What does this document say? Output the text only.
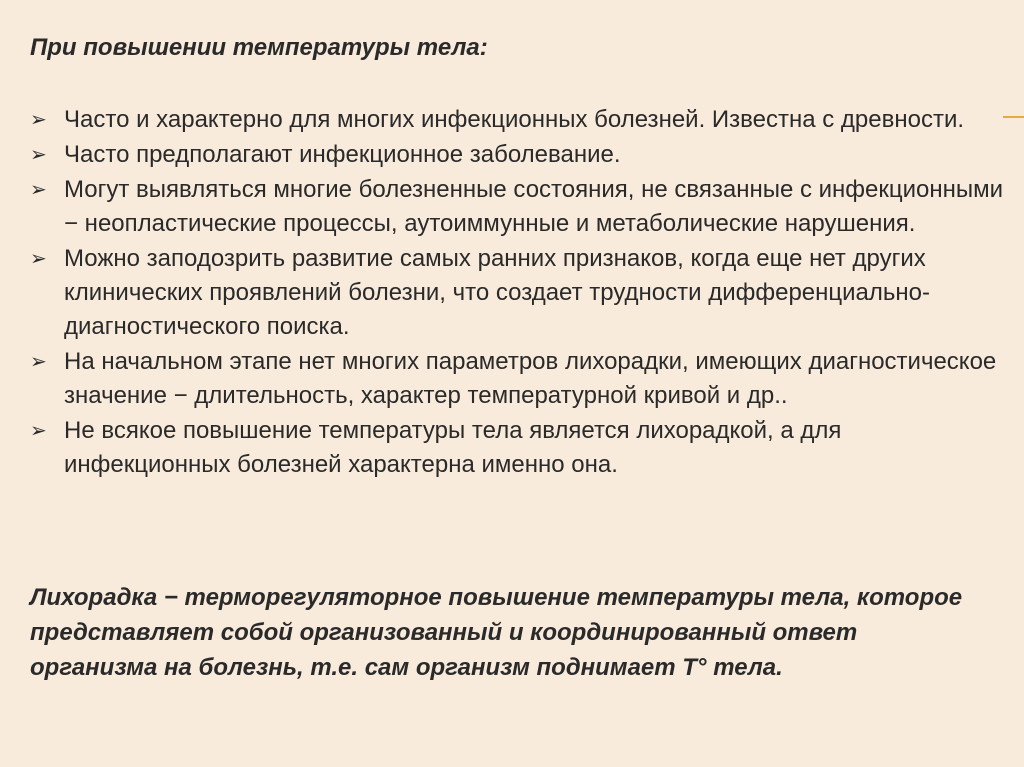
При повышении температуры тела:
➢ Часто и характерно для многих инфекционных болезней. Известна с древности.
➢ Часто предполагают инфекционное заболевание.
➢ Могут выявляться многие болезненные состояния, не связанные с инфекционными − неопластические процессы, аутоиммунные и метаболические нарушения.
➢ Можно заподозрить развитие самых ранних признаков, когда еще нет других клинических проявлений болезни, что создает трудности дифференциально-диагностического поиска.
➢ На начальном этапе нет многих параметров лихорадки, имеющих диагностическое значение − длительность, характер температурной кривой и др..
➢ Не всякое повышение температуры тела является лихорадкой, а для инфекционных болезней характерна именно она.

Лихорадка − терморегуляторное повышение температуры тела, которое представляет собой организованный и координированный ответ организма на болезнь, т.е. сам организм поднимает Т° тела.
